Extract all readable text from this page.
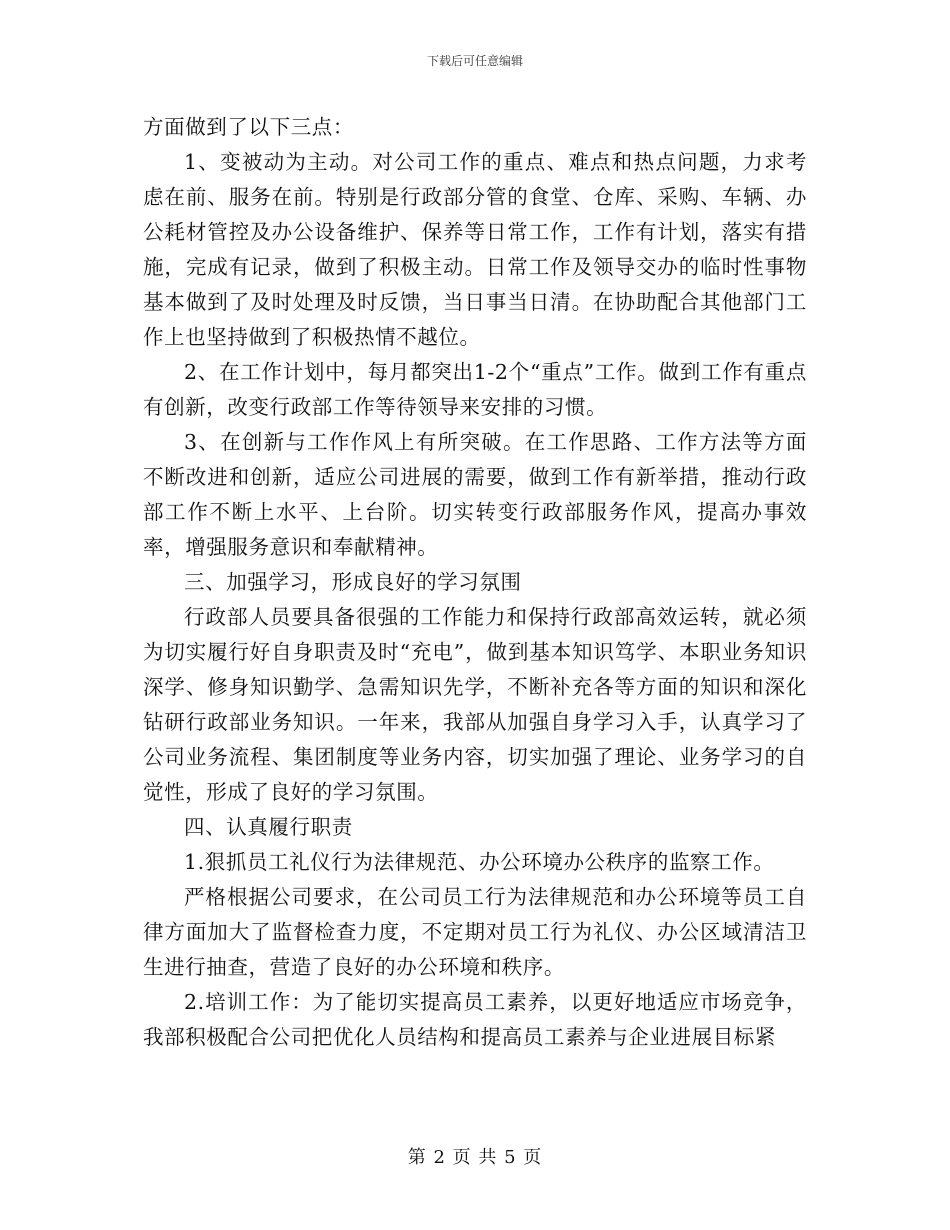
下载后可任意编辑

方面做到了以下三点：

1、变被动为主动。对公司工作的重点、难点和热点问题，力求考虑在前、服务在前。特别是行政部分管的食堂、仓库、采购、车辆、办公耗材管控及办公设备维护、保养等日常工作，工作有计划，落实有措施，完成有记录，做到了积极主动。日常工作及领导交办的临时性事物基本做到了及时处理及时反馈，当日事当日清。在协助配合其他部门工作上也坚持做到了积极热情不越位。

2、在工作计划中，每月都突出1-2个“重点”工作。做到工作有重点有创新，改变行政部工作等待领导来安排的习惯。

3、在创新与工作作风上有所突破。在工作思路、工作方法等方面不断改进和创新，适应公司进展的需要，做到工作有新举措，推动行政部工作不断上水平、上台阶。切实转变行政部服务作风，提高办事效率，增强服务意识和奉献精神。

三、加强学习，形成良好的学习氛围

行政部人员要具备很强的工作能力和保持行政部高效运转，就必须为切实履行好自身职责及时“充电”，做到基本知识笃学、本职业务知识深学、修身知识勤学、急需知识先学，不断补充各等方面的知识和深化钻研行政部业务知识。一年来，我部从加强自身学习入手，认真学习了公司业务流程、集团制度等业务内容，切实加强了理论、业务学习的自觉性，形成了良好的学习氛围。

四、认真履行职责

1.狠抓员工礼仪行为法律规范、办公环境办公秩序的监察工作。

严格根据公司要求，在公司员工行为法律规范和办公环境等员工自律方面加大了监督检查力度，不定期对员工行为礼仪、办公区域清洁卫生进行抽查，营造了良好的办公环境和秩序。

2.培训工作：为了能切实提高员工素养，以更好地适应市场竞争，我部积极配合公司把优化人员结构和提高员工素养与企业进展目标紧

第 2 页 共 5 页
